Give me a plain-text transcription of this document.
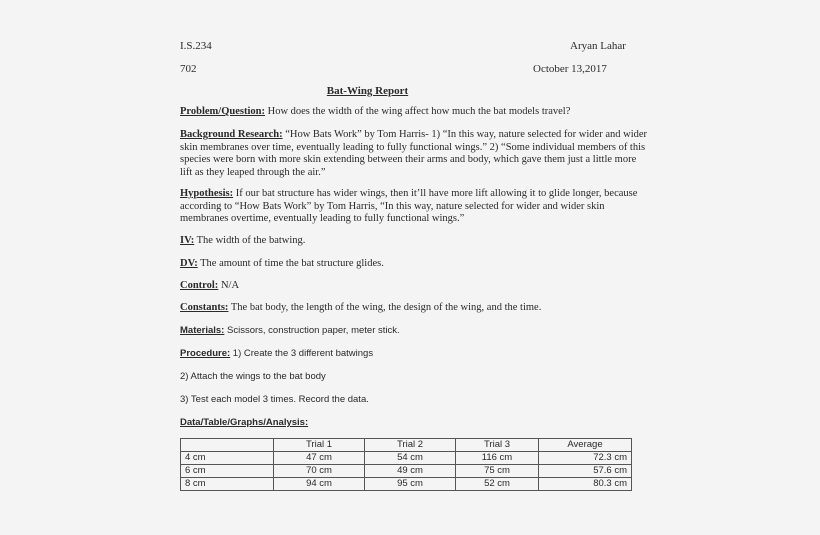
I.S.234	Aryan Lahar
702	October 13,2017
Bat-Wing Report
Problem/Question: How does the width of the wing affect how much the bat models travel?
Background Research: “How Bats Work” by Tom Harris- 1) “In this way, nature selected for wider and wider skin membranes over time, eventually leading to fully functional wings.” 2) “Some individual members of this species were born with more skin extending between their arms and body, which gave them just a little more lift as they leaped through the air.”
Hypothesis: If our bat structure has wider wings, then it’ll have more lift allowing it to glide longer, because according to “How Bats Work” by Tom Harris, “In this way, nature selected for wider and wider skin membranes overtime, eventually leading to fully functional wings.”
IV: The width of the batwing.
DV: The amount of time the bat structure glides.
Control: N/A
Constants: The bat body, the length of the wing, the design of the wing, and the time.
Materials: Scissors, construction paper, meter stick.
Procedure: 1) Create the 3 different batwings
2) Attach the wings to the bat body
3) Test each model 3 times. Record the data.
Data/Table/Graphs/Analysis:
	Trial 1	Trial 2	Trial 3	Average
4 cm	47 cm	54 cm	116 cm	72.3 cm
6 cm	70 cm	49 cm	75 cm	57.6 cm
8 cm	94 cm	95 cm	52 cm	80.3 cm
